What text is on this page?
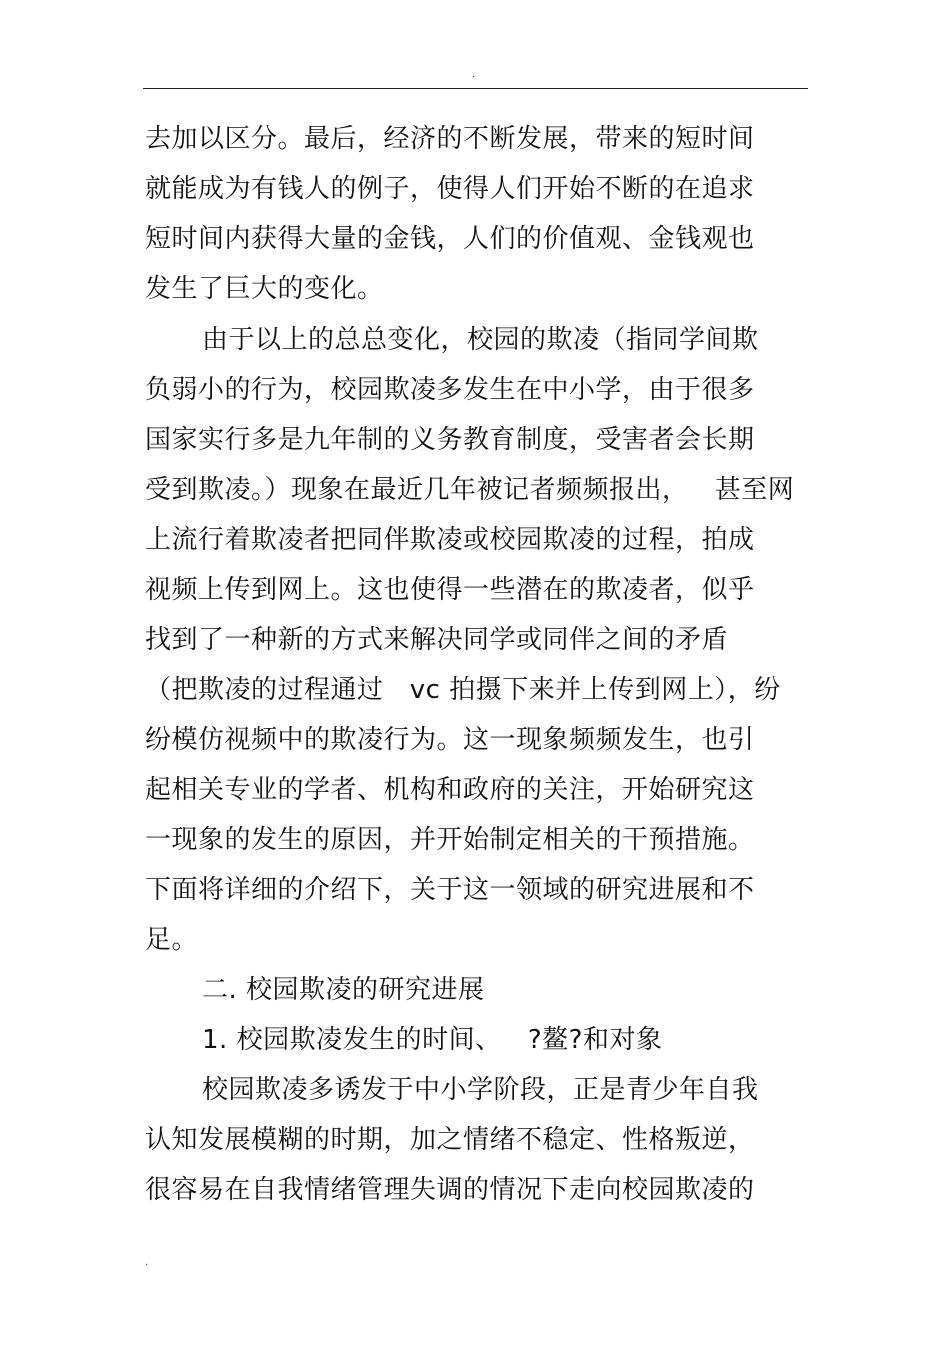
.
去加以区分。最后，经济的不断发展，带来的短时间
就能成为有钱人的例子，使得人们开始不断的在追求
短时间内获得大量的金钱，人们的价值观、金钱观也
发生了巨大的变化。
由于以上的总总变化，校园的欺凌（指同学间欺
负弱小的行为，校园欺凌多发生在中小学，由于很多
国家实行多是九年制的义务教育制度，受害者会长期
受到欺凌。）现象在最近几年被记者频频报出，   甚至网
上流行着欺凌者把同伴欺凌或校园欺凌的过程，拍成
视频上传到网上。这也使得一些潜在的欺凌者，似乎
找到了一种新的方式来解决同学或同伴之间的矛盾
（把欺凌的过程通过   vc 拍摄下来并上传到网上），纷
纷模仿视频中的欺凌行为。这一现象频频发生，也引
起相关专业的学者、机构和政府的关注，开始研究这
一现象的发生的原因，并开始制定相关的干预措施。
下面将详细的介绍下，关于这一领域的研究进展和不
足。
二. 校园欺凌的研究进展
1. 校园欺凌发生的时间、   ?鳌?和对象
校园欺凌多诱发于中小学阶段，正是青少年自我
认知发展模糊的时期，加之情绪不稳定、性格叛逆，
很容易在自我情绪管理失调的情况下走向校园欺凌的
.
